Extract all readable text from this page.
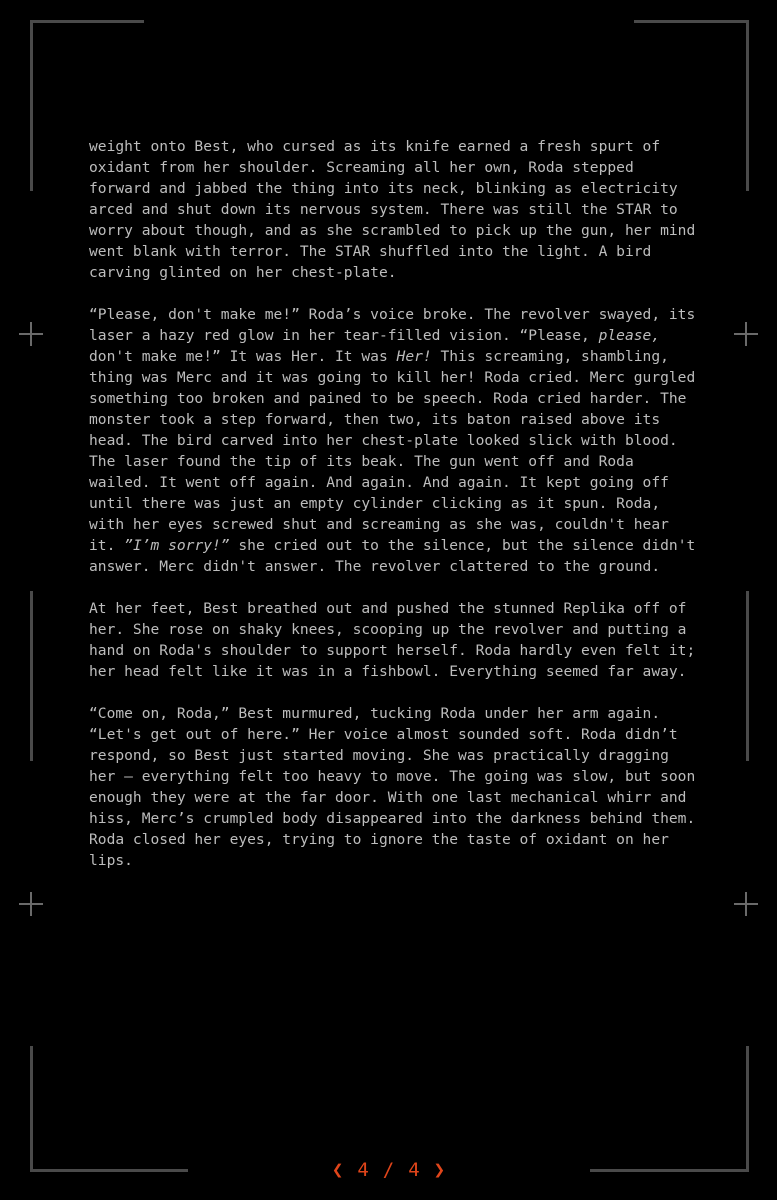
weight onto Best, who cursed as its knife earned a fresh spurt of oxidant from her shoulder. Screaming all her own, Roda stepped forward and jabbed the thing into its neck, blinking as electricity arced and shut down its nervous system. There was still the STAR to worry about though, and as she scrambled to pick up the gun, her mind went blank with terror. The STAR shuffled into the light. A bird carving glinted on her chest-plate.

“Please, don't make me!” Roda’s voice broke. The revolver swayed, its laser a hazy red glow in her tear-filled vision. “Please, please, don't make me!” It was Her. It was Her! This screaming, shambling, thing was Merc and it was going to kill her! Roda cried. Merc gurgled something too broken and pained to be speech. Roda cried harder. The monster took a step forward, then two, its baton raised above its head. The bird carved into her chest-plate looked slick with blood. The laser found the tip of its beak. The gun went off and Roda wailed. It went off again. And again. And again. It kept going off until there was just an empty cylinder clicking as it spun. Roda, with her eyes screwed shut and screaming as she was, couldn't hear it. ”I’m sorry!” she cried out to the silence, but the silence didn't answer. Merc didn't answer. The revolver clattered to the ground.

At her feet, Best breathed out and pushed the stunned Replika off of her. She rose on shaky knees, scooping up the revolver and putting a hand on Roda's shoulder to support herself. Roda hardly even felt it; her head felt like it was in a fishbowl. Everything seemed far away.

“Come on, Roda,” Best murmured, tucking Roda under her arm again. “Let's get out of here.” Her voice almost sounded soft. Roda didn’t respond, so Best just started moving. She was practically dragging her — everything felt too heavy to move. The going was slow, but soon enough they were at the far door. With one last mechanical whirr and hiss, Merc’s crumpled body disappeared into the darkness behind them. Roda closed her eyes, trying to ignore the taste of oxidant on her lips.

❮ 4 / 4 ❯
